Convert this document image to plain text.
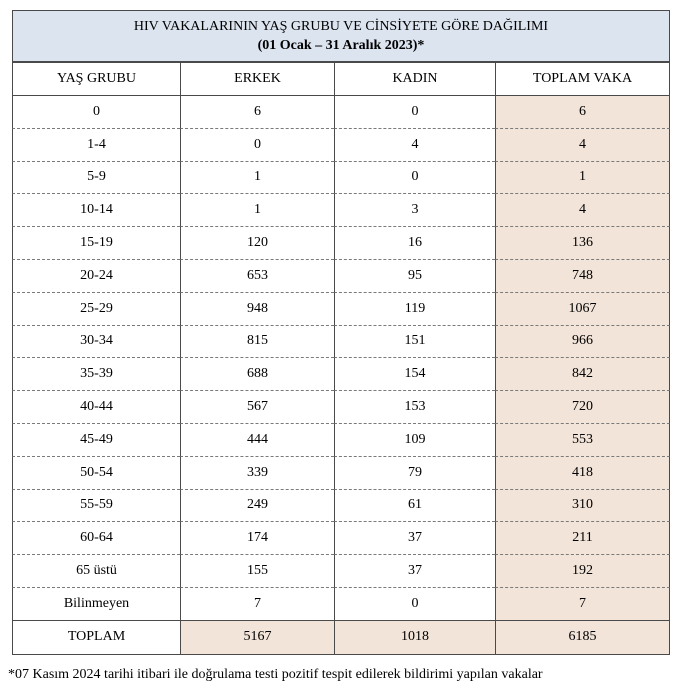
HIV VAKALARININ YAŞ GRUBU VE CİNSİYETE GÖRE DAĞILIMI
(01 Ocak – 31 Aralık 2023)*
YAŞ GRUBU	ERKEK	KADIN	TOPLAM VAKA
0	6	0	6
1-4	0	4	4
5-9	1	0	1
10-14	1	3	4
15-19	120	16	136
20-24	653	95	748
25-29	948	119	1067
30-34	815	151	966
35-39	688	154	842
40-44	567	153	720
45-49	444	109	553
50-54	339	79	418
55-59	249	61	310
60-64	174	37	211
65 üstü	155	37	192
Bilinmeyen	7	0	7
TOPLAM	5167	1018	6185
*07 Kasım 2024 tarihi itibari ile doğrulama testi pozitif tespit edilerek bildirimi yapılan vakalar
